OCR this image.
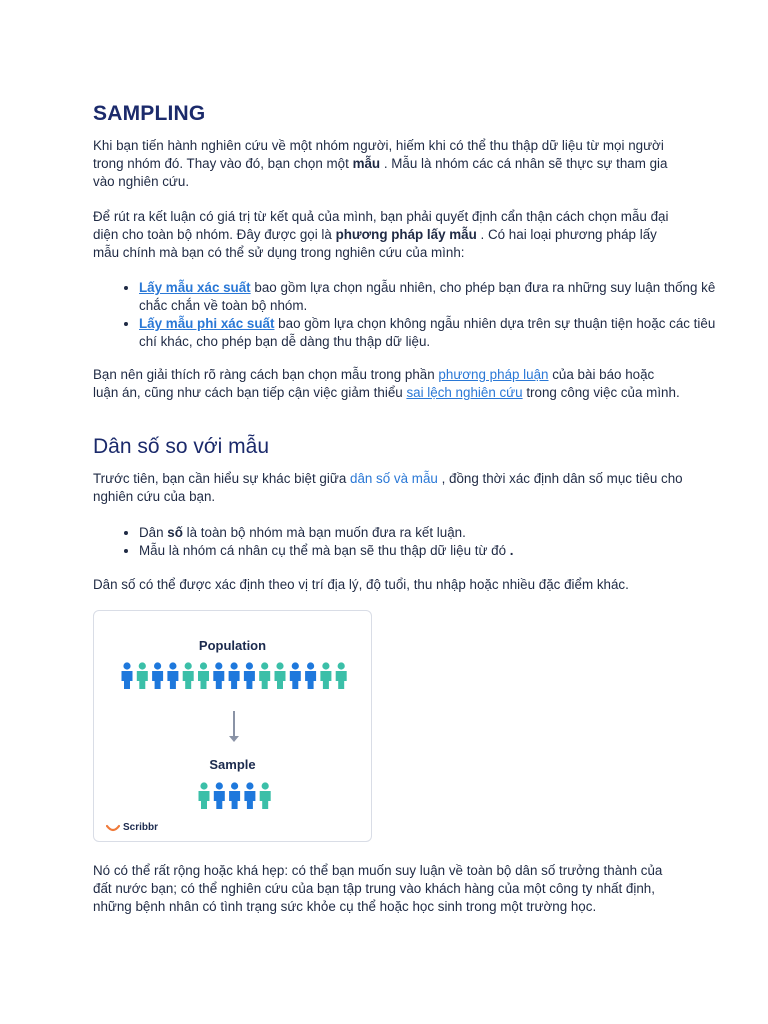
SAMPLING

Khi bạn tiến hành nghiên cứu về một nhóm người, hiếm khi có thể thu thập dữ liệu từ mọi người trong nhóm đó. Thay vào đó, bạn chọn một mẫu . Mẫu là nhóm các cá nhân sẽ thực sự tham gia vào nghiên cứu.

Để rút ra kết luận có giá trị từ kết quả của mình, bạn phải quyết định cẩn thận cách chọn mẫu đại diện cho toàn bộ nhóm. Đây được gọi là phương pháp lấy mẫu . Có hai loại phương pháp lấy mẫu chính mà bạn có thể sử dụng trong nghiên cứu của mình:

• Lấy mẫu xác suất bao gồm lựa chọn ngẫu nhiên, cho phép bạn đưa ra những suy luận thống kê chắc chắn về toàn bộ nhóm.
• Lấy mẫu phi xác suất bao gồm lựa chọn không ngẫu nhiên dựa trên sự thuận tiện hoặc các tiêu chí khác, cho phép bạn dễ dàng thu thập dữ liệu.

Bạn nên giải thích rõ ràng cách bạn chọn mẫu trong phần phương pháp luận của bài báo hoặc luận án, cũng như cách bạn tiếp cận việc giảm thiểu sai lệch nghiên cứu trong công việc của mình.

Dân số so với mẫu

Trước tiên, bạn cần hiểu sự khác biệt giữa dân số và mẫu , đồng thời xác định dân số mục tiêu cho nghiên cứu của bạn.

• Dân số là toàn bộ nhóm mà bạn muốn đưa ra kết luận.
• Mẫu là nhóm cá nhân cụ thể mà bạn sẽ thu thập dữ liệu từ đó .

Dân số có thể được xác định theo vị trí địa lý, độ tuổi, thu nhập hoặc nhiều đặc điểm khác.

Population
Sample
Scribbr

Nó có thể rất rộng hoặc khá hẹp: có thể bạn muốn suy luận về toàn bộ dân số trưởng thành của đất nước bạn; có thể nghiên cứu của bạn tập trung vào khách hàng của một công ty nhất định, những bệnh nhân có tình trạng sức khỏe cụ thể hoặc học sinh trong một trường học.
